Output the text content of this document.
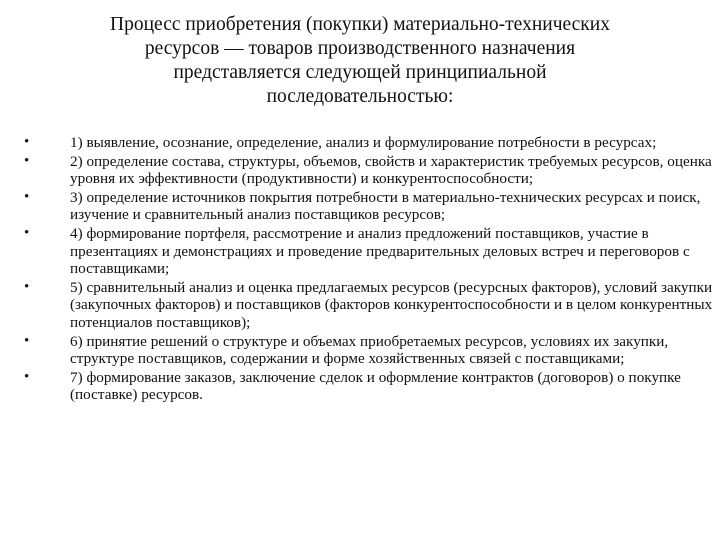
Процесс приобретения (покупки) материально-технических
ресурсов — товаров производственного назначения
представляется следующей принципиальной
последовательностью:
•	1) выявление, осознание, определение, анализ и формулирование потребности в ресурсах;
•	2) определение состава, структуры, объемов, свойств и характеристик требуемых ресурсов, оценка уровня их эффективности (продуктивности) и конкурентоспособности;
•	3) определение источников покрытия потребности в материально-технических ресурсах и поиск, изучение и сравнительный анализ поставщиков ресурсов;
•	4) формирование портфеля, рассмотрение и анализ предложений поставщиков, участие в презентациях и демонстрациях и проведение предварительных деловых встреч и переговоров с поставщиками;
•	5) сравнительный анализ и оценка предлагаемых ресурсов (ресурсных факторов), условий закупки (закупочных факторов) и поставщиков (факторов конкурентоспособности и в целом конкурентных потенциалов поставщиков);
•	6) принятие решений о структуре и объемах приобретаемых ресурсов, условиях их закупки, структуре поставщиков, содержании и форме хозяйственных связей с поставщиками;
•	7) формирование заказов, заключение сделок и оформление контрактов (договоров) о покупке (поставке) ресурсов.
